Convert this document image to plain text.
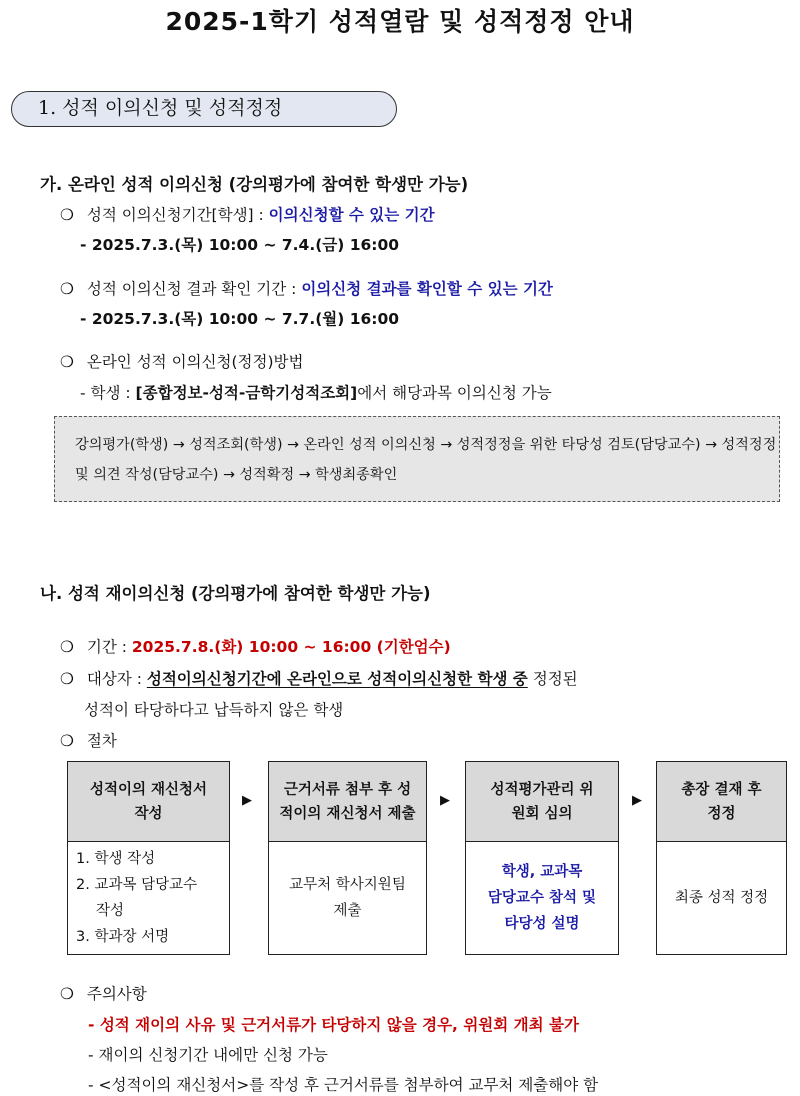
2025-1학기 성적열람 및 성적정정 안내
1. 성적 이의신청 및 성적정정
가. 온라인 성적 이의신청 (강의평가에 참여한 학생만 가능)
❍ 성적 이의신청기간[학생] : 이의신청할 수 있는 기간
- 2025.7.3.(목) 10:00 ~ 7.4.(금) 16:00
❍ 성적 이의신청 결과 확인 기간 : 이의신청 결과를 확인할 수 있는 기간
- 2025.7.3.(목) 10:00 ~ 7.7.(월) 16:00
❍ 온라인 성적 이의신청(정정)방법
- 학생 : [종합정보-성적-금학기성적조회]에서 해당과목 이의신청 가능
강의평가(학생) → 성적조회(학생) → 온라인 성적 이의신청 → 성적정정을 위한 타당성 검토(담당교수) → 성적정정 및 의견 작성(담당교수) → 성적확정 → 학생최종확인
나. 성적 재이의신청 (강의평가에 참여한 학생만 가능)
❍ 기간 : 2025.7.8.(화) 10:00 ~ 16:00 (기한엄수)
❍ 대상자 : 성적이의신청기간에 온라인으로 성적이의신청한 학생 중 정정된
성적이 타당하다고 납득하지 않은 학생
❍ 절차
성적이의 재신청서 작성
1. 학생 작성
2. 교과목 담당교수
작성
3. 학과장 서명
▶
근거서류 첨부 후 성적이의 재신청서 제출
교무처 학사지원팀
제출
▶
성적평가관리 위원회 심의
학생, 교과목
담당교수 참석 및
타당성 설명
▶
총장 결재 후 정정
최종 성적 정정
❍ 주의사항
- 성적 재이의 사유 및 근거서류가 타당하지 않을 경우, 위원회 개최 불가
- 재이의 신청기간 내에만 신청 가능
- <성적이의 재신청서>를 작성 후 근거서류를 첨부하여 교무처 제출해야 함
